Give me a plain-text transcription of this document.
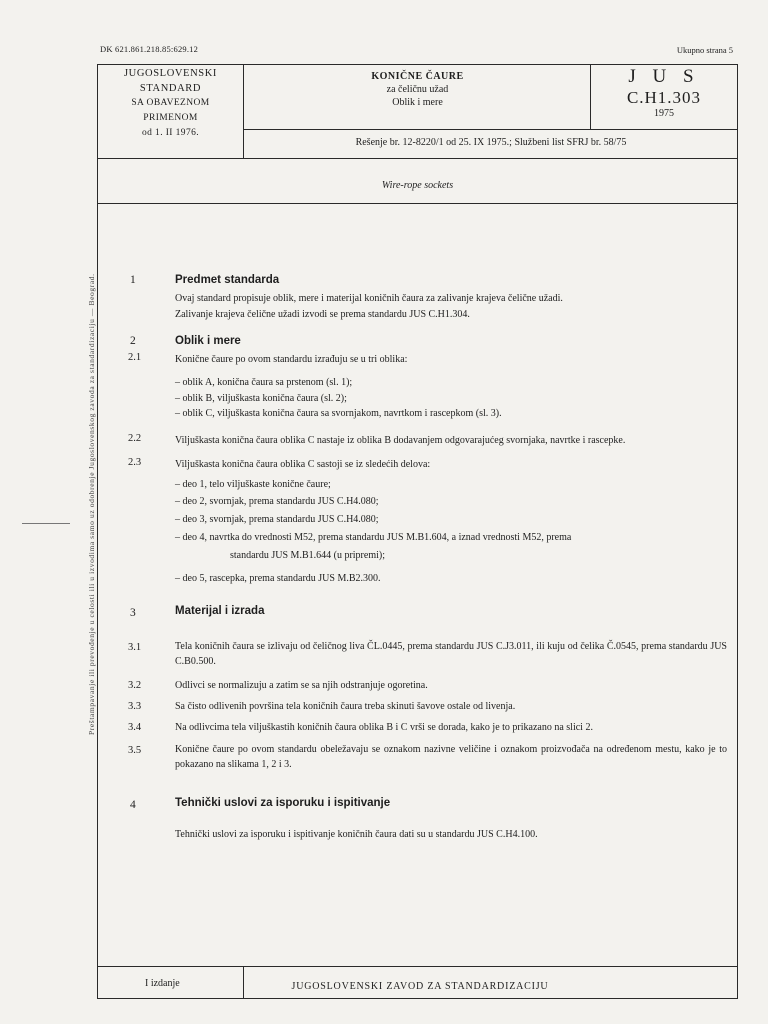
DK 621.861.218.85:629.12	Ukupno strana 5
JUGOSLOVENSKI
STANDARD
SA OBAVEZNOM
PRIMENOM
od 1. II 1976.
KONIČNE ČAURE
za čeličnu užad
Oblik i mere
J U S
C.H1.303
1975
Rešenje br. 12-8220/1 od 25. IX 1975.; Službeni list SFRJ br. 58/75
Wire-rope sockets
1	Predmet standarda
Ovaj standard propisuje oblik, mere i materijal koničnih čaura za zalivanje krajeva čelične užadi.
Zalivanje krajeva čelične užadi izvodi se prema standardu JUS C.H1.304.
2	Oblik i mere
2.1	Konične čaure po ovom standardu izrađuju se u tri oblika:
– oblik A, konična čaura sa prstenom (sl. 1);
– oblik B, viljuškasta konična čaura (sl. 2);
– oblik C, viljuškasta konična čaura sa svornjakom, navrtkom i rascepkom (sl. 3).
2.2	Viljuškasta konična čaura oblika C nastaje iz oblika B dodavanjem odgovarajućeg svornjaka, navrtke i rascepke.
2.3	Viljuškasta konična čaura oblika C sastoji se iz sledećih delova:
– deo 1, telo viljuškaste konične čaure;
– deo 2, svornjak, prema standardu JUS C.H4.080;
– deo 3, svornjak, prema standardu JUS C.H4.080;
– deo 4, navrtka do vrednosti M52, prema standardu JUS M.B1.604, a iznad vrednosti M52, prema
standardu JUS M.B1.644 (u pripremi);
– deo 5, rascepka, prema standardu JUS M.B2.300.
3	Materijal i izrada
3.1	Tela koničnih čaura se izlivaju od čeličnog liva ČL.0445, prema standardu JUS C.J3.011, ili kuju od čelika Č.0545, prema standardu JUS C.B0.500.
3.2	Odlivci se normalizuju a zatim se sa njih odstranjuje ogoretina.
3.3	Sa čisto odlivenih površina tela koničnih čaura treba skinuti šavove ostale od livenja.
3.4	Na odlivcima tela viljuškastih koničnih čaura oblika B i C vrši se dorada, kako je to prikazano na slici 2.
3.5	Konične čaure po ovom standardu obeležavaju se oznakom nazivne veličine i oznakom proizvođača na određenom mestu, kako je to pokazano na slikama 1, 2 i 3.
4	Tehnički uslovi za isporuku i ispitivanje
Tehnički uslovi za isporuku i ispitivanje koničnih čaura dati su u standardu JUS C.H4.100.
Preštampavanje ili prevođenje u celosti ili u izvodima samo uz odobrenje Jugoslovenskog zavoda za standardizaciju — Beograd.
I izdanje	JUGOSLOVENSKI ZAVOD ZA STANDARDIZACIJU
